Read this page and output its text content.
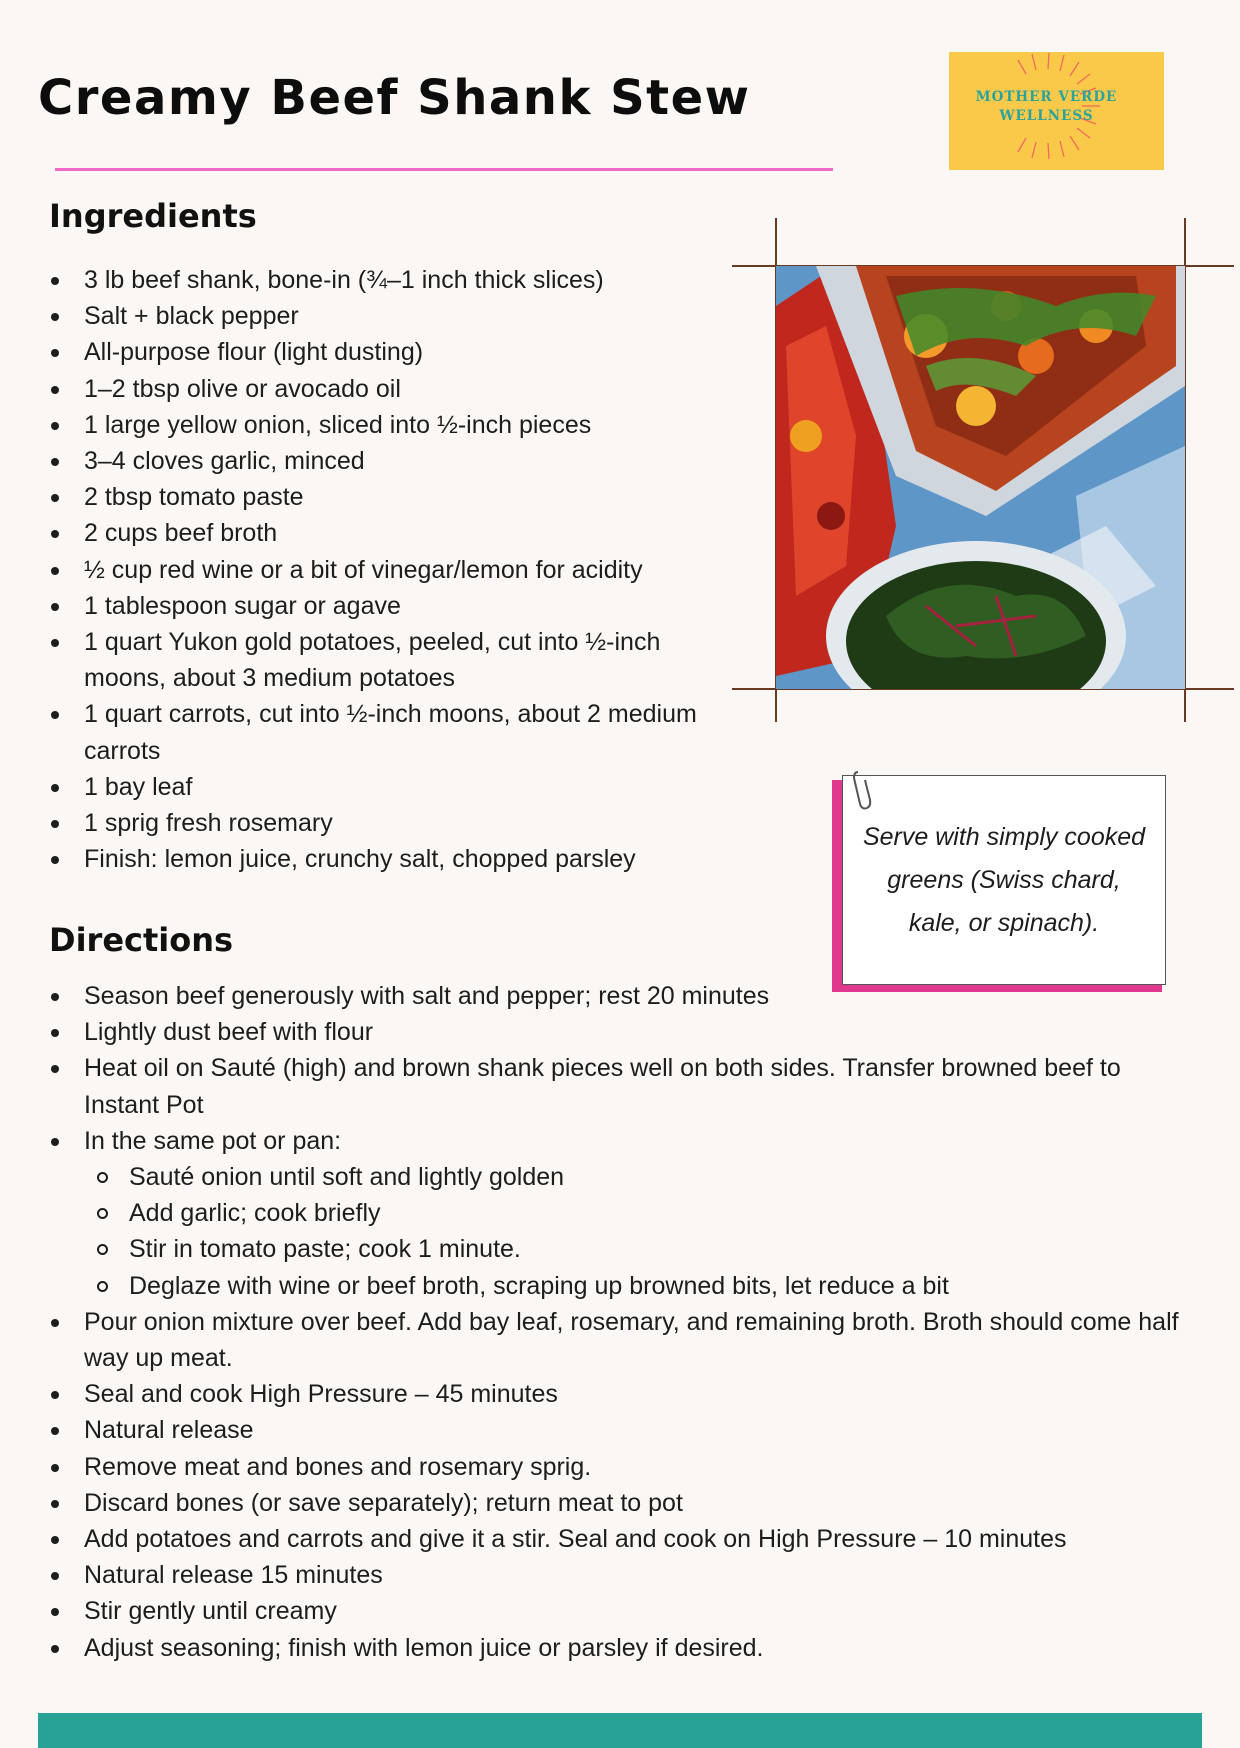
Creamy Beef Shank Stew	MOTHER VERDE
WELLNESS
Ingredients
3 lb beef shank, bone-in (¾–1 inch thick slices)
Salt + black pepper
All-purpose flour (light dusting)
1–2 tbsp olive or avocado oil
1 large yellow onion, sliced into ½-inch pieces
3–4 cloves garlic, minced
2 tbsp tomato paste
2 cups beef broth
½ cup red wine or a bit of vinegar/lemon for acidity
1 tablespoon sugar or agave
1 quart Yukon gold potatoes, peeled, cut into ½-inch moons, about 3 medium potatoes
1 quart carrots, cut into ½-inch moons, about 2 medium carrots
1 bay leaf
1 sprig fresh rosemary
Finish: lemon juice, crunchy salt, chopped parsley
Serve with simply cooked greens (Swiss chard, kale, or spinach).
Directions
Season beef generously with salt and pepper; rest 20 minutes
Lightly dust beef with flour
Heat oil on Sauté (high) and brown shank pieces well on both sides. Transfer browned beef to Instant Pot
In the same pot or pan:
Sauté onion until soft and lightly golden
Add garlic; cook briefly
Stir in tomato paste; cook 1 minute.
Deglaze with wine or beef broth, scraping up browned bits, let reduce a bit
Pour onion mixture over beef. Add bay leaf, rosemary, and remaining broth. Broth should come half way up meat.
Seal and cook High Pressure – 45 minutes
Natural release
Remove meat and bones and rosemary sprig.
Discard bones (or save separately); return meat to pot
Add potatoes and carrots and give it a stir. Seal and cook on High Pressure – 10 minutes
Natural release 15 minutes
Stir gently until creamy
Adjust seasoning; finish with lemon juice or parsley if desired.
